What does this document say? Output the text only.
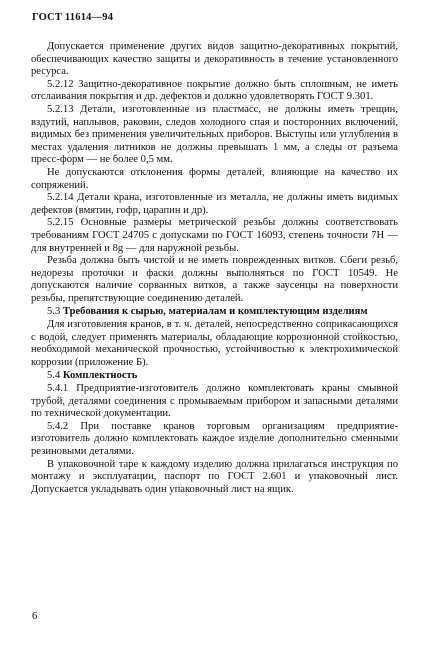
ГОСТ 11614—94

Допускается применение других видов защитно-декоративных покрытий, обеспечивающих качество защиты и декоративность в течение установленного ресурса.

5.2.12 Защитно-декоративное покрытие должно быть сплошным, не иметь отслаивания покрытия и др. дефектов и должно удовлетворять ГОСТ 9.301.

5.2.13 Детали, изготовленные из пластмасс, не должны иметь трещин, вздутий, наплывов, раковин, следов холодного спая и посторонних включений, видимых без применения увеличительных приборов. Выступы или углубления в местах удаления литников не должны превышать 1 мм, а следы от разъема пресс-форм — не более 0,5 мм.

Не допускаются отклонения формы деталей, влияющие на качество их сопряжений.

5.2.14 Детали крана, изготовленные из металла, не должны иметь видимых дефектов (вмятин, гофр, царапин и др).

5.2.15 Основные размеры метрической резьбы должны соответствовать требованиям ГОСТ 24705 с допусками по ГОСТ 16093, степень точности 7Н — для внутренней и 8g — для наружной резьбы.

Резьба должна быть чистой и не иметь поврежденных витков. Сбеги резьб, недорезы проточки и фаски должны выполняться по ГОСТ 10549. Не допускаются наличие сорванных витков, а также заусенцы на поверхности резьбы, препятствующие соединению деталей.

5.3 Требования к сырью, материалам и комплектующим изделиям

Для изготовления кранов, в т. ч. деталей, непосредственно соприкасающихся с водой, следует применять материалы, обладающие коррозионной стойкостью, необходимой механической прочностью, устойчивостью к электрохимической коррозии (приложение Б).

5.4 Комплектность

5.4.1 Предприятие-изготовитель должно комплектовать краны смывной трубой, деталями соединения с промываемым прибором и запасными деталями по технической документации.

5.4.2 При поставке кранов торговым организациям предприятие-изготовитель должно комплектовать каждое изделие дополнительно сменными резиновыми деталями.

В упаковочной таре к каждому изделию должна прилагаться инструкция по монтажу и эксплуатации, паспорт по ГОСТ 2.601 и упаковочный лист. Допускается укладывать один упаковочный лист на ящик.

6
